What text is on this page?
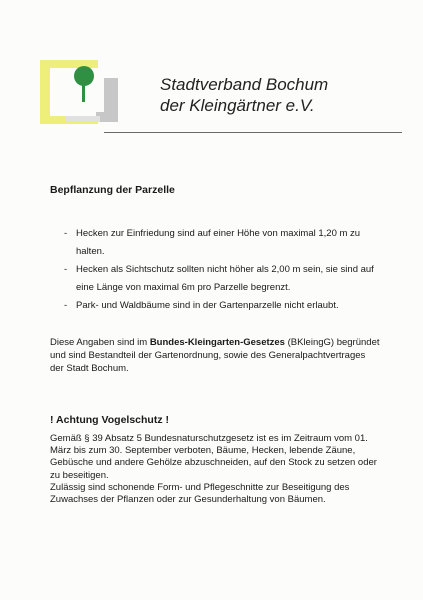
Stadtverband Bochum
der Kleingärtner e.V.
Bepflanzung der Parzelle
- Hecken zur Einfriedung sind auf einer Höhe von maximal 1,20 m zu halten.
- Hecken als Sichtschutz sollten nicht höher als 2,00 m sein, sie sind auf eine Länge von maximal 6m pro Parzelle begrenzt.
- Park- und Waldbäume sind in der Gartenparzelle nicht erlaubt.
Diese Angaben sind im Bundes-Kleingarten-Gesetzes (BKleingG) begründet und sind Bestandteil der Gartenordnung, sowie des Generalpachtvertrages der Stadt Bochum.
! Achtung Vogelschutz !

Gemäß § 39 Absatz 5 Bundesnaturschutzgesetz ist es im Zeitraum vom 01. März bis zum 30. September verboten, Bäume, Hecken, lebende Zäune, Gebüsche und andere Gehölze abzuschneiden, auf den Stock zu setzen oder zu beseitigen.

Zulässig sind schonende Form- und Pflegeschnitte zur Beseitigung des Zuwachses der Pflanzen oder zur Gesunderhaltung von Bäumen.
